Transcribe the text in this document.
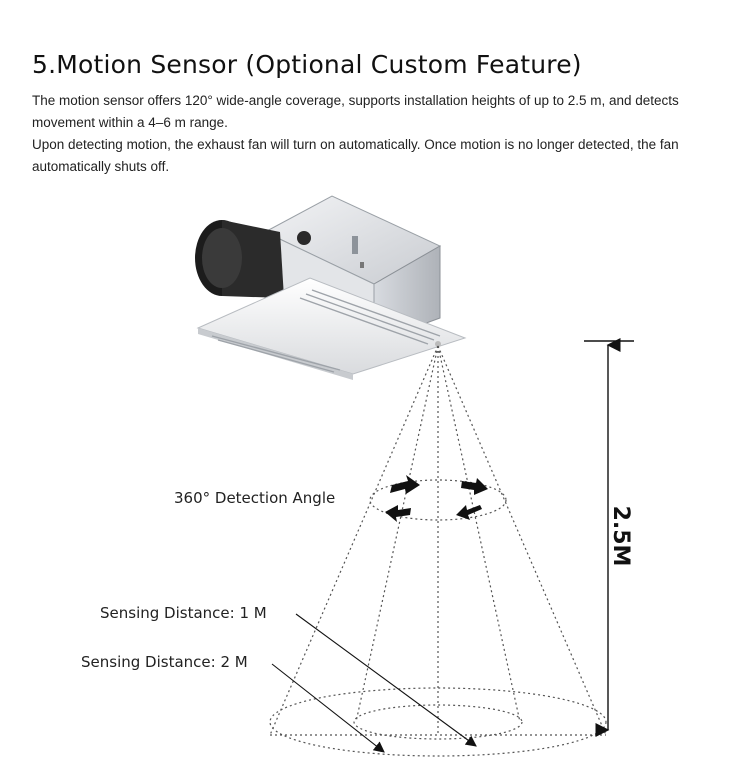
5.Motion Sensor (Optional Custom Feature)

The motion sensor offers 120° wide-angle coverage, supports installation heights of up to 2.5 m, and detects movement within a 4–6 m range.

Upon detecting motion, the exhaust fan will turn on automatically. Once motion is no longer detected, the fan automatically shuts off.

2.5M
360° Detection Angle
Sensing Distance: 1 M
Sensing Distance: 2 M
